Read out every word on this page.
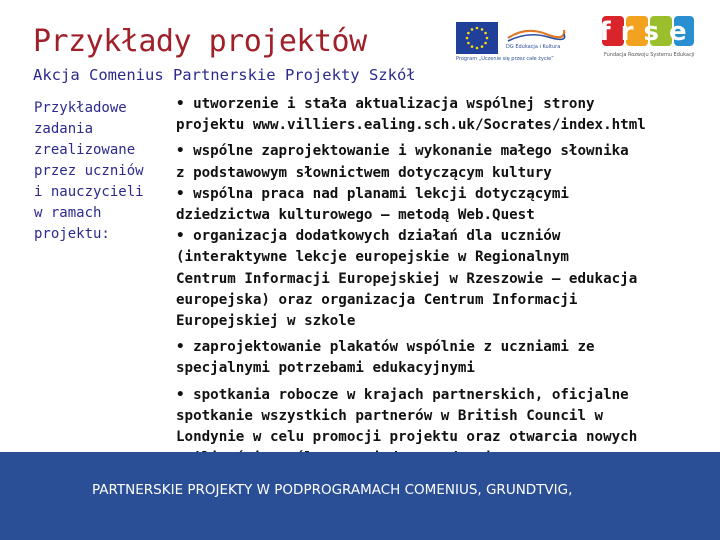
Przykłady projektów
Akcja Comenius Partnerskie Projekty Szkół
DG Edukacja i Kultura
Program „Uczenie się przez całe życie”
frse
Fundacja Rozwoju Systemu Edukacji
Przykładowe
zadania
zrealizowane
przez uczniów
i nauczycieli
w ramach
projektu:
• utworzenie i stała aktualizacja wspólnej strony
projektu www.villiers.ealing.sch.uk/Socrates/index.html
• wspólne zaprojektowanie i wykonanie małego słownika
z podstawowym słownictwem dotyczącym kultury
• wspólna praca nad planami lekcji dotyczącymi
dziedzictwa kulturowego – metodą Web.Quest
• organizacja dodatkowych działań dla uczniów
(interaktywne lekcje europejskie w Regionalnym
Centrum Informacji Europejskiej w Rzeszowie – edukacja
europejska) oraz organizacja Centrum Informacji
Europejskiej w szkole
• zaprojektowanie plakatów wspólnie z uczniami ze
specjalnymi potrzebami edukacyjnymi
• spotkania robocze w krajach partnerskich, oficjalne
spotkanie wszystkich partnerów w British Council w
Londynie w celu promocji projektu oraz otwarcia nowych

PARTNERSKIE PROJEKTY W PODPROGRAMACH COMENIUS, GRUNDTVIG,
